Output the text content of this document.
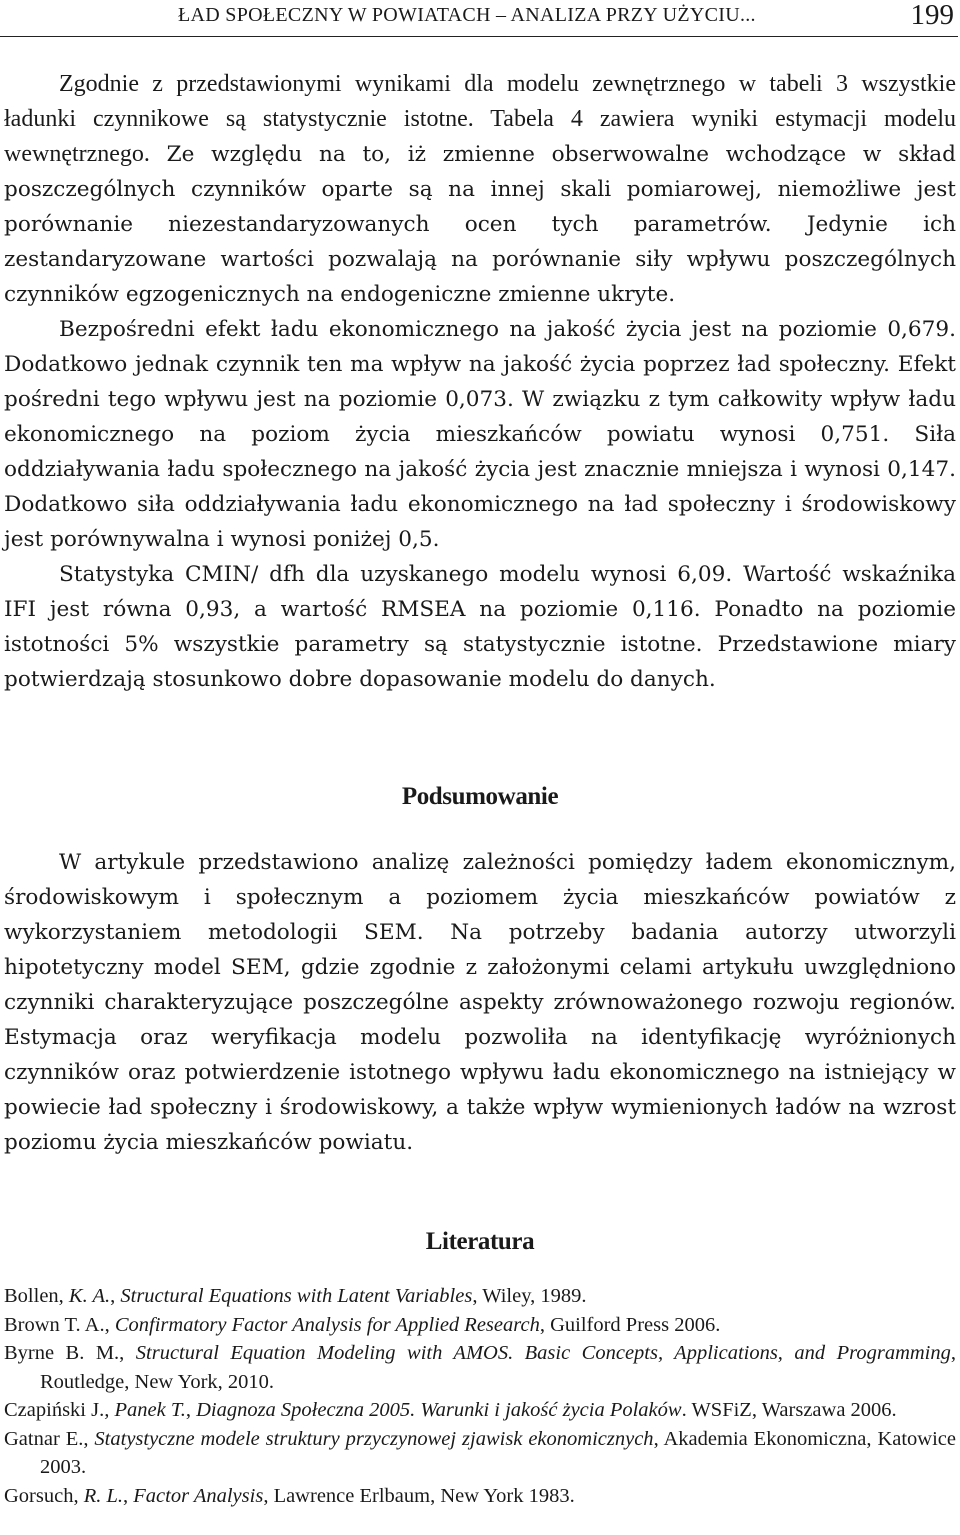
ŁAD SPOŁECZNY W POWIATACH – ANALIZA PRZY UŻYCIU...	199

Zgodnie z przedstawionymi wynikami dla modelu zewnętrznego w tabeli 3 wszystkie ładunki czynnikowe są statystycznie istotne. Tabela 4 zawiera wyniki estymacji modelu wewnętrznego. Ze względu na to, iż zmienne obserwowalne wchodzące w skład poszczególnych czynników oparte są na innej skali pomiarowej, niemożliwe jest porównanie niezestandaryzowanych ocen tych parametrów. Jedynie ich zestandaryzowane wartości pozwalają na porównanie siły wpływu poszczególnych czynników egzogenicznych na endogeniczne zmienne ukryte.

Bezpośredni efekt ładu ekonomicznego na jakość życia jest na poziomie 0,679. Dodatkowo jednak czynnik ten ma wpływ na jakość życia poprzez ład społeczny. Efekt pośredni tego wpływu jest na poziomie 0,073. W związku z tym całkowity wpływ ładu ekonomicznego na poziom życia mieszkańców powiatu wynosi 0,751. Siła oddziaływania ładu społecznego na jakość życia jest znacznie mniejsza i wynosi 0,147. Dodatkowo siła oddziaływania ładu ekonomicznego na ład społeczny i środowiskowy jest porównywalna i wynosi poniżej 0,5.

Statystyka CMIN/ dfh dla uzyskanego modelu wynosi 6,09. Wartość wskaźnika IFI jest równa 0,93, a wartość RMSEA na poziomie 0,116. Ponadto na poziomie istotności 5% wszystkie parametry są statystycznie istotne. Przedstawione miary potwierdzają stosunkowo dobre dopasowanie modelu do danych.

Podsumowanie

W artykule przedstawiono analizę zależności pomiędzy ładem ekonomicznym, środowiskowym i społecznym a poziomem życia mieszkańców powiatów z wykorzystaniem metodologii SEM. Na potrzeby badania autorzy utworzyli hipotetyczny model SEM, gdzie zgodnie z założonymi celami artykułu uwzględniono czynniki charakteryzujące poszczególne aspekty zrównoważonego rozwoju regionów. Estymacja oraz weryfikacja modelu pozwoliła na identyfikację wyróżnionych czynników oraz potwierdzenie istotnego wpływu ładu ekonomicznego na istniejący w powiecie ład społeczny i środowiskowy, a także wpływ wymienionych ładów na wzrost poziomu życia mieszkańców powiatu.

Literatura
Bollen, K. A., Structural Equations with Latent Variables, Wiley, 1989.
Brown T. A., Confirmatory Factor Analysis for Applied Research, Guilford Press 2006.
Byrne B. M., Structural Equation Modeling with AMOS. Basic Concepts, Applications, and Programming, Routledge, New York, 2010.
Czapiński J., Panek T., Diagnoza Społeczna 2005. Warunki i jakość życia Polaków. WSFiZ, Warszawa 2006.
Gatnar E., Statystyczne modele struktury przyczynowej zjawisk ekonomicznych, Akademia Ekonomiczna, Katowice 2003.
Gorsuch, R. L., Factor Analysis, Lawrence Erlbaum, New York 1983.
